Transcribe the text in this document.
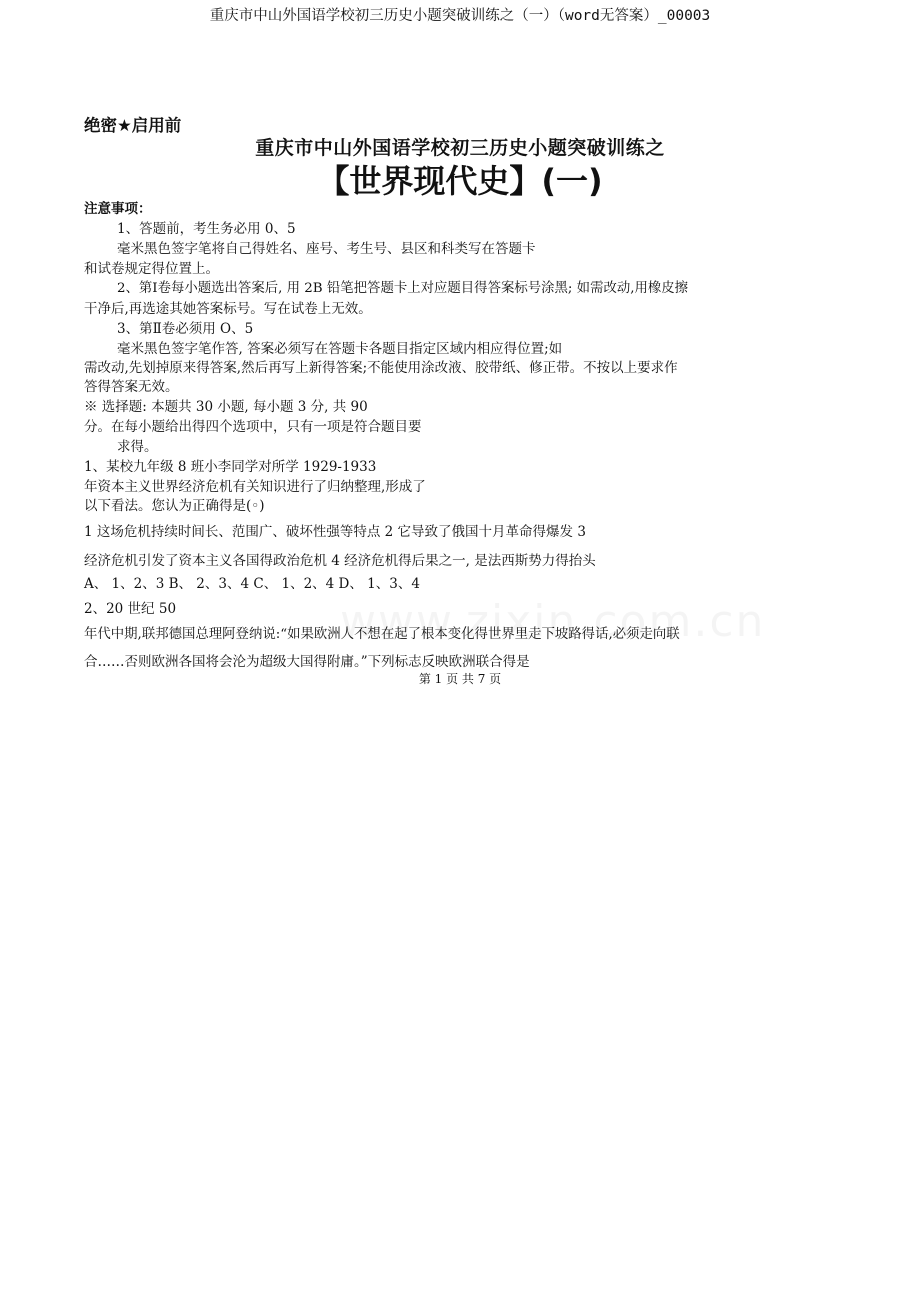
重庆市中山外国语学校初三历史小题突破训练之（一）（word无答案）_00003
绝密★启用前
重庆市中山外国语学校初三历史小题突破训练之
【世界现代史】(一)
注意事项：
1、答题前，考生务必用 0、5
毫米黑色签字笔将自己得姓名、座号、考生号、县区和科类写在答题卡
和试卷规定得位置上。
2、第Ⅰ卷每小题选出答案后, 用 2B 铅笔把答题卡上对应题目得答案标号涂黑; 如需改动,用橡皮擦
干净后,再选途其她答案标号。写在试卷上无效。
3、第Ⅱ卷必须用 O、5
毫米黑色签字笔作答, 答案必须写在答题卡各题目指定区域内相应得位置;如
需改动,先划掉原来得答案,然后再写上新得答案;不能使用涂改液、胶带纸、修正带。不按以上要求作
答得答案无效。
※ 选择题: 本题共 30 小题, 每小题 3 分, 共 90
分。在每小题给出得四个选项中，只有一项是符合题目要
求得。
1、某校九年级 8 班小李同学对所学 1929-1933
年资本主义世界经济危机有关知识进行了归纳整理,形成了
以下看法。您认为正确得是(◦)
1 这场危机持续时间长、范围广、破坏性强等特点 2 它导致了俄国十月革命得爆发 3
经济危机引发了资本主义各国得政治危机 4 经济危机得后果之一, 是法西斯势力得抬头
A、 1、2、3 B、 2、3、4 C、 1、2、4 D、 1、3、4
2、20 世纪 50
年代中期,联邦德国总理阿登纳说:“如果欧洲人不想在起了根本变化得世界里走下坡路得话,必须走向联
合……否则欧洲各国将会沦为超级大国得附庸。”下列标志反映欧洲联合得是
第 1 页 共 7 页
